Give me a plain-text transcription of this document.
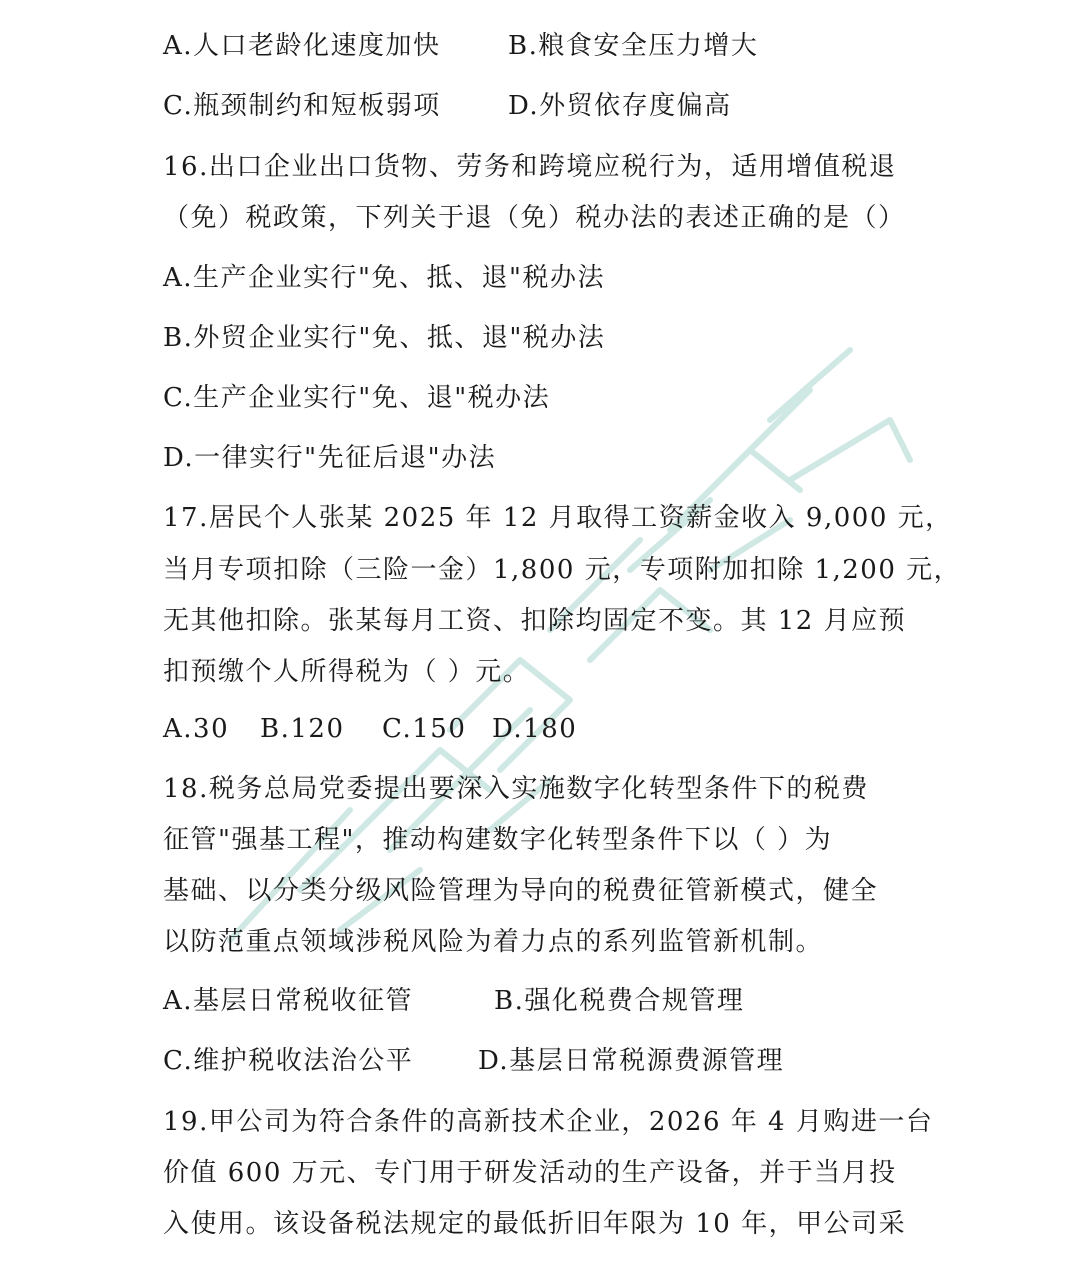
A.人口老龄化速度加快	B.粮食安全压力增大
C.瓶颈制约和短板弱项	D.外贸依存度偏高
16.出口企业出口货物、劳务和跨境应税行为，适用增值税退
（免）税政策，下列关于退（免）税办法的表述正确的是（）
A.生产企业实行"免、抵、退"税办法
B.外贸企业实行"免、抵、退"税办法
C.生产企业实行"免、退"税办法
D.一律实行"先征后退"办法
17.居民个人张某 2025 年 12 月取得工资薪金收入 9,000 元，
当月专项扣除（三险一金）1,800 元，专项附加扣除 1,200 元，
无其他扣除。张某每月工资、扣除均固定不变。其 12 月应预
扣预缴个人所得税为（ ）元。
A.30 B.120 C.150 D.180
18.税务总局党委提出要深入实施数字化转型条件下的税费
征管"强基工程"，推动构建数字化转型条件下以（ ）为
基础、以分类分级风险管理为导向的税费征管新模式，健全
以防范重点领域涉税风险为着力点的系列监管新机制。
A.基层日常税收征管	B.强化税费合规管理
C.维护税收法治公平 D.基层日常税源费源管理
19.甲公司为符合条件的高新技术企业，2026 年 4 月购进一台
价值 600 万元、专门用于研发活动的生产设备，并于当月投
入使用。该设备税法规定的最低折旧年限为 10 年，甲公司采
